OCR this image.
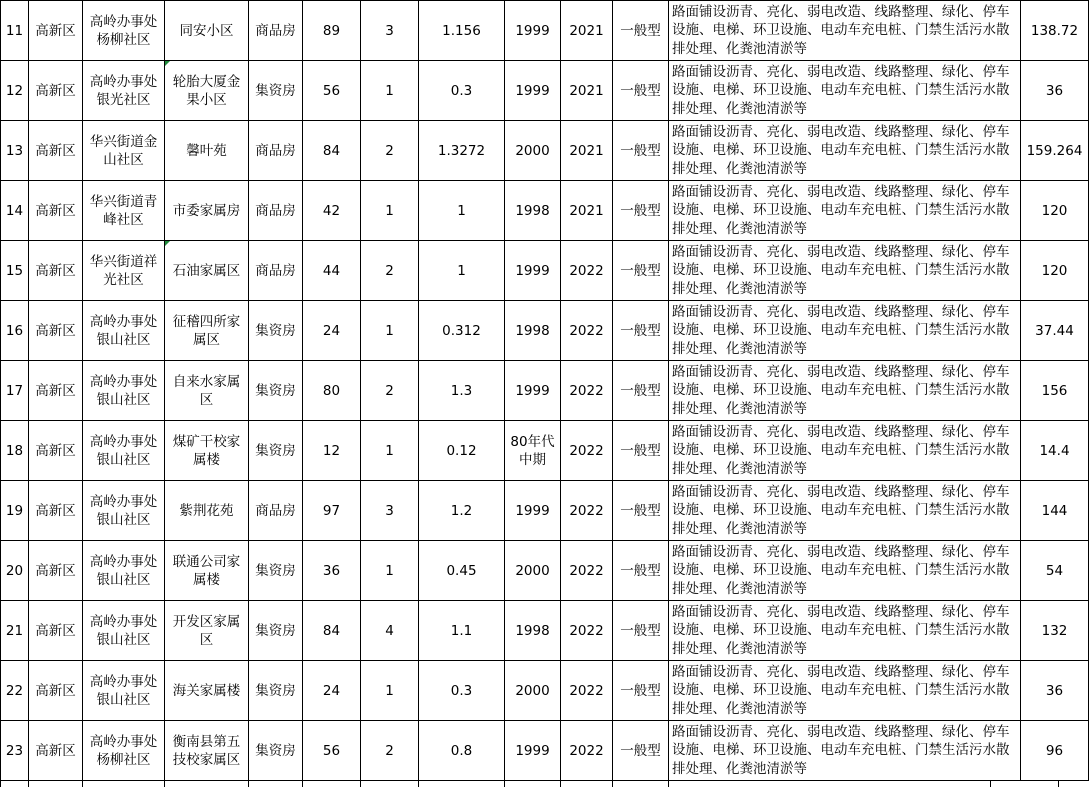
11	高新区	高岭办事处杨柳社区	同安小区	商品房	89	3	1.156	1999	2021	一般型	路面铺设沥青、亮化、弱电改造、线路整理、绿化、停车设施、电梯、环卫设施、电动车充电桩、门禁生活污水散排处理、化粪池清淤等	138.72
12	高新区	高岭办事处银光社区	轮胎大厦金果小区	集资房	56	1	0.3	1999	2021	一般型	路面铺设沥青、亮化、弱电改造、线路整理、绿化、停车设施、电梯、环卫设施、电动车充电桩、门禁生活污水散排处理、化粪池清淤等	36
13	高新区	华兴街道金山社区	馨叶苑	商品房	84	2	1.3272	2000	2021	一般型	路面铺设沥青、亮化、弱电改造、线路整理、绿化、停车设施、电梯、环卫设施、电动车充电桩、门禁生活污水散排处理、化粪池清淤等	159.264
14	高新区	华兴街道青峰社区	市委家属房	商品房	42	1	1	1998	2021	一般型	路面铺设沥青、亮化、弱电改造、线路整理、绿化、停车设施、电梯、环卫设施、电动车充电桩、门禁生活污水散排处理、化粪池清淤等	120
15	高新区	华兴街道祥光社区	石油家属区	商品房	44	2	1	1999	2022	一般型	路面铺设沥青、亮化、弱电改造、线路整理、绿化、停车设施、电梯、环卫设施、电动车充电桩、门禁生活污水散排处理、化粪池清淤等	120
16	高新区	高岭办事处银山社区	征稽四所家属区	集资房	24	1	0.312	1998	2022	一般型	路面铺设沥青、亮化、弱电改造、线路整理、绿化、停车设施、电梯、环卫设施、电动车充电桩、门禁生活污水散排处理、化粪池清淤等	37.44
17	高新区	高岭办事处银山社区	自来水家属区	集资房	80	2	1.3	1999	2022	一般型	路面铺设沥青、亮化、弱电改造、线路整理、绿化、停车设施、电梯、环卫设施、电动车充电桩、门禁生活污水散排处理、化粪池清淤等	156
18	高新区	高岭办事处银山社区	煤矿干校家属楼	集资房	12	1	0.12	80年代中期	2022	一般型	路面铺设沥青、亮化、弱电改造、线路整理、绿化、停车设施、电梯、环卫设施、电动车充电桩、门禁生活污水散排处理、化粪池清淤等	14.4
19	高新区	高岭办事处银山社区	紫荆花苑	商品房	97	3	1.2	1999	2022	一般型	路面铺设沥青、亮化、弱电改造、线路整理、绿化、停车设施、电梯、环卫设施、电动车充电桩、门禁生活污水散排处理、化粪池清淤等	144
20	高新区	高岭办事处银山社区	联通公司家属楼	集资房	36	1	0.45	2000	2022	一般型	路面铺设沥青、亮化、弱电改造、线路整理、绿化、停车设施、电梯、环卫设施、电动车充电桩、门禁生活污水散排处理、化粪池清淤等	54
21	高新区	高岭办事处银山社区	开发区家属区	集资房	84	4	1.1	1998	2022	一般型	路面铺设沥青、亮化、弱电改造、线路整理、绿化、停车设施、电梯、环卫设施、电动车充电桩、门禁生活污水散排处理、化粪池清淤等	132
22	高新区	高岭办事处银山社区	海关家属楼	集资房	24	1	0.3	2000	2022	一般型	路面铺设沥青、亮化、弱电改造、线路整理、绿化、停车设施、电梯、环卫设施、电动车充电桩、门禁生活污水散排处理、化粪池清淤等	36
23	高新区	高岭办事处杨柳社区	衡南县第五技校家属区	集资房	56	2	0.8	1999	2022	一般型	路面铺设沥青、亮化、弱电改造、线路整理、绿化、停车设施、电梯、环卫设施、电动车充电桩、门禁生活污水散排处理、化粪池清淤等	96
